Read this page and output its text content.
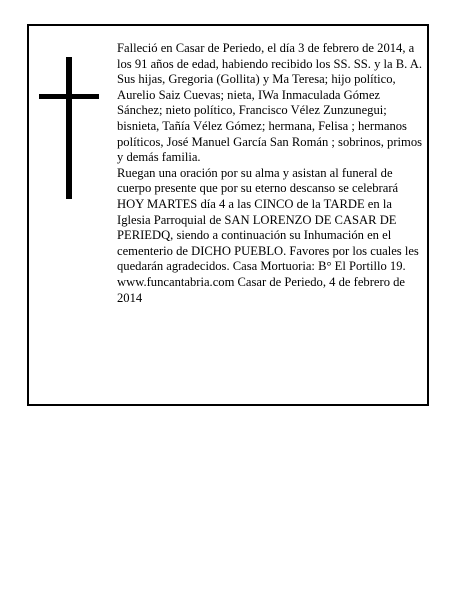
Falleció en Casar de Periedo, el día 3 de febrero de 2014, a los 91 años de edad, habiendo recibido los SS. SS. y la B. A.

Sus hijas, Gregoria (Gollita) y Ma Teresa; hijo político, Aurelio Saiz Cuevas; nieta, IWa Inmaculada Gómez Sánchez; nieto político, Francisco Vélez Zunzunegui; bisnieta, Tañía Vélez Gómez; hermana, Felisa ; hermanos políticos, José Manuel García San Román ; sobrinos, primos y demás familia.

Ruegan una oración por su alma y asistan al funeral de cuerpo presente que por su eterno descanso se celebrará HOY MARTES día 4 a las CINCO de la TARDE en la Iglesia Parroquial de SAN LORENZO DE CASAR DE PERIEDQ, siendo a continuación su Inhumación en el cementerio de DICHO PUEBLO. Favores por los cuales les quedarán agradecidos. Casa Mortuoria: B° El Portillo 19.

www.funcantabria.com Casar de Periedo, 4 de febrero de 2014
